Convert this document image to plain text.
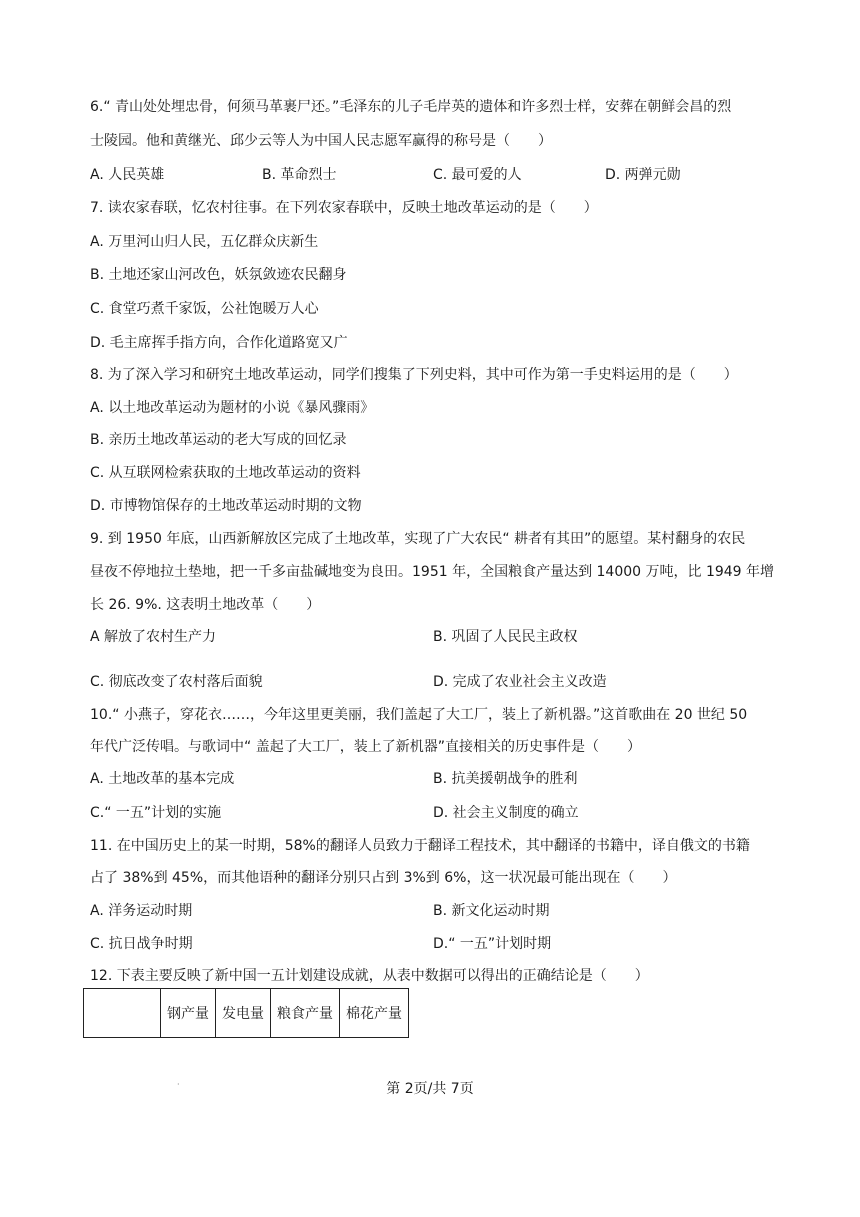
6.“ 青山处处埋忠骨，何须马革裹尸还。”毛泽东的儿子毛岸英的遗体和许多烈士样，安葬在朝鲜会昌的烈
士陵园。他和黄继光、邱少云等人为中国人民志愿军赢得的称号是（　　）
A. 人民英雄	B. 革命烈士	C. 最可爱的人	D. 两弹元勋
7. 读农家春联，忆农村往事。在下列农家春联中，反映土地改革运动的是（　　）
A. 万里河山归人民，五亿群众庆新生
B. 土地还家山河改色，妖氛敛迹农民翻身
C. 食堂巧煮千家饭，公社饱暖万人心
D. 毛主席挥手指方向，合作化道路宽又广
8. 为了深入学习和研究土地改革运动，同学们搜集了下列史料，其中可作为第一手史料运用的是（　　）
A. 以土地改革运动为题材的小说《暴风骤雨》
B. 亲历土地改革运动的老大写成的回忆录
C. 从互联网检索获取的土地改革运动的资料
D. 市博物馆保存的土地改革运动时期的文物
9. 到 1950 年底，山西新解放区完成了土地改革，实现了广大农民“ 耕者有其田”的愿望。某村翻身的农民
昼夜不停地拉土垫地，把一千多亩盐碱地变为良田。1951 年，全国粮食产量达到 14000 万吨，比 1949 年增
长 26. 9%. 这表明土地改革（　　）
A 解放了农村生产力	B. 巩固了人民民主政权
C. 彻底改变了农村落后面貌	D. 完成了农业社会主义改造
10.“ 小燕子，穿花衣……，今年这里更美丽，我们盖起了大工厂，装上了新机器。”这首歌曲在 20 世纪 50
年代广泛传唱。与歌词中“ 盖起了大工厂，装上了新机器”直接相关的历史事件是（　　）
A. 土地改革的基本完成	B. 抗美援朝战争的胜利
C.“ 一五”计划的实施	D. 社会主义制度的确立
11. 在中国历史上的某一时期，58%的翻译人员致力于翻译工程技术，其中翻译的书籍中，译自俄文的书籍
占了 38%到 45%，而其他语种的翻译分别只占到 3%到 6%，这一状况最可能出现在（　　）
A. 洋务运动时期	B. 新文化运动时期
C. 抗日战争时期	D.“ 一五”计划时期
12. 下表主要反映了新中国一五计划建设成就，从表中数据可以得出的正确结论是（　　）
	钢产量	发电量	粮食产量	棉花产量
·	第 2页/共 7页
